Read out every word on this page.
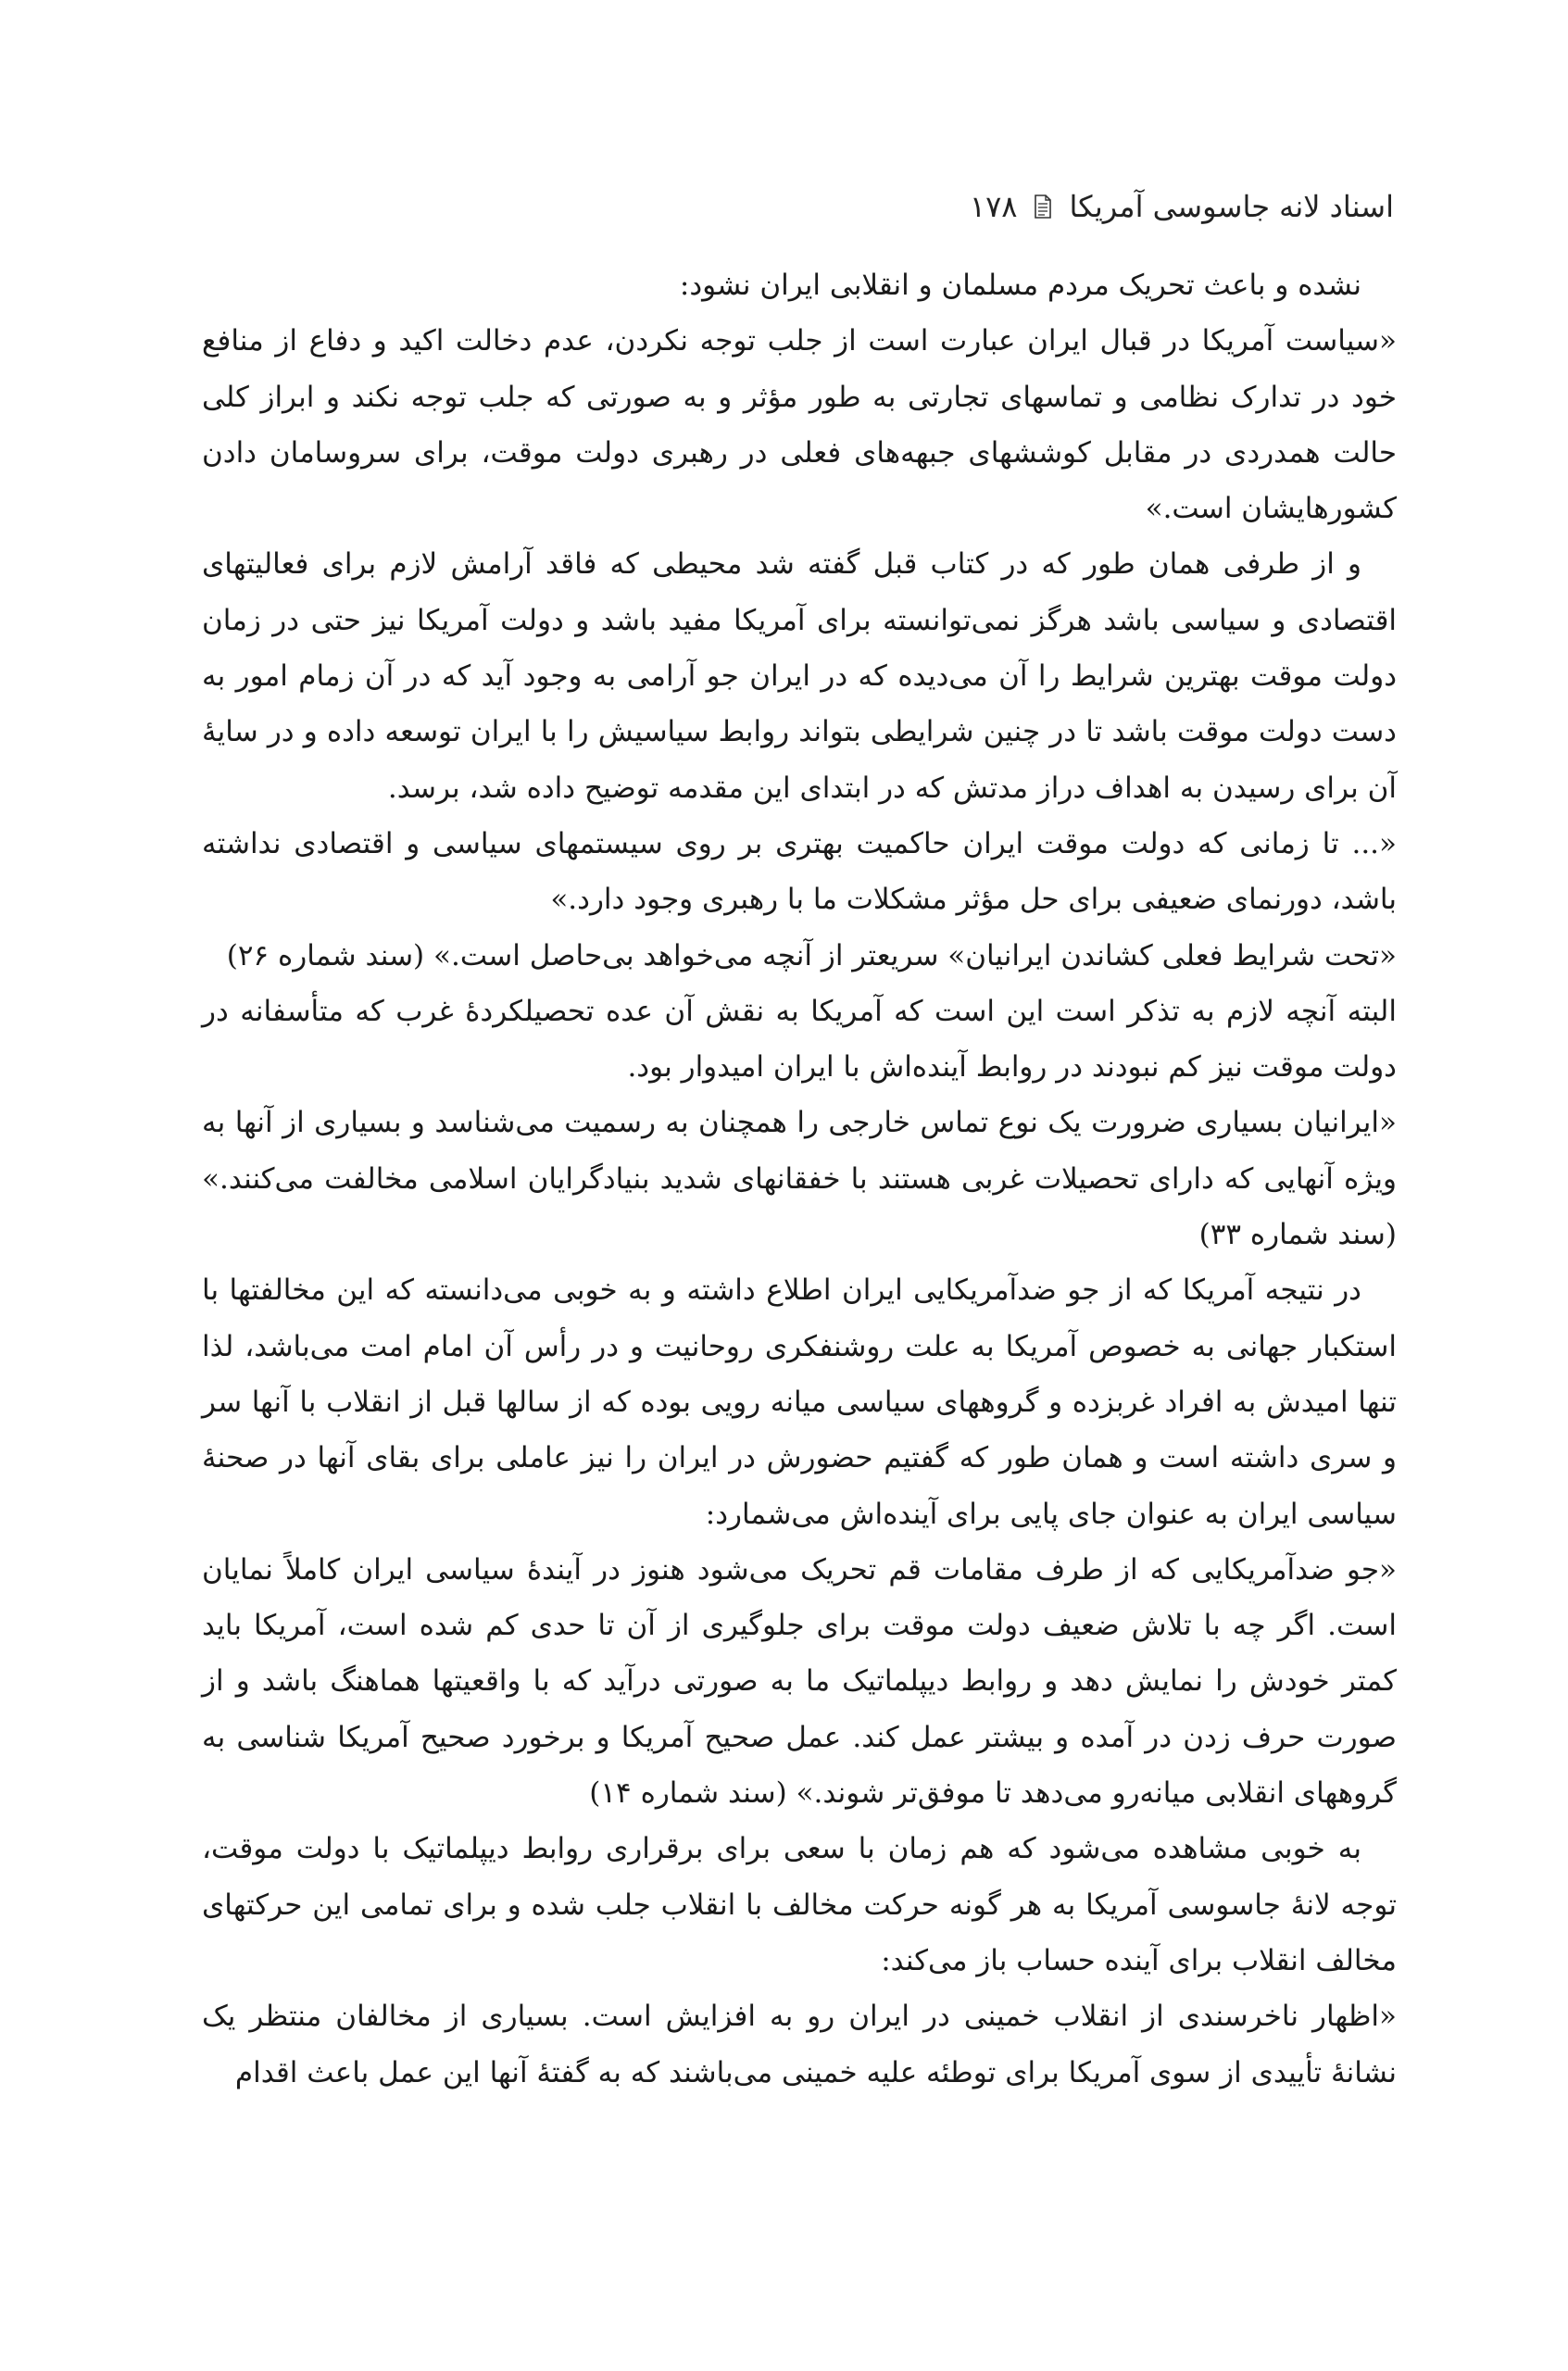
اسناد لانه جاسوسی آمریکا
۱۷۸

نشده و باعث تحریک مردم مسلمان و انقلابی ایران نشود:

«سیاست آمریکا در قبال ایران عبارت است از جلب توجه نکردن، عدم دخالت اکید و دفاع از منافع خود در تدارک نظامی و تماسهای تجارتی به طور مؤثر و به صورتی که جلب توجه نکند و ابراز کلی حالت همدردی در مقابل کوششهای جبهه‌های فعلی در رهبری دولت موقت، برای سروسامان دادن کشورهایشان است.»

و از طرفی همان طور که در کتاب قبل گفته شد محیطی که فاقد آرامش لازم برای فعالیتهای اقتصادی و سیاسی باشد هرگز نمی‌توانسته برای آمریکا مفید باشد و دولت آمریکا نیز حتی در زمان دولت موقت بهترین شرایط را آن می‌دیده که در ایران جو آرامی به وجود آید که در آن زمام امور به دست دولت موقت باشد تا در چنین شرایطی بتواند روابط سیاسیش را با ایران توسعه داده و در سایهٔ آن برای رسیدن به اهداف دراز مدتش که در ابتدای این مقدمه توضیح داده شد، برسد.

«... تا زمانی که دولت موقت ایران حاکمیت بهتری بر روی سیستمهای سیاسی و اقتصادی نداشته باشد، دورنمای ضعیفی برای حل مؤثر مشکلات ما با رهبری وجود دارد.»

«تحت شرایط فعلی کشاندن ایرانیان» سریعتر از آنچه می‌خواهد بی‌حاصل است.» (سند شماره ۲۶)

البته آنچه لازم به تذکر است این است که آمریکا به نقش آن عده تحصیلکردهٔ غرب که متأسفانه در دولت موقت نیز کم نبودند در روابط آینده‌اش با ایران امیدوار بود.

«ایرانیان بسیاری ضرورت یک نوع تماس خارجی را همچنان به رسمیت می‌شناسد و بسیاری از آنها به ویژه آنهایی که دارای تحصیلات غربی هستند با خفقانهای شدید بنیادگرایان اسلامی مخالفت می‌کنند.» (سند شماره ۳۳)

در نتیجه آمریکا که از جو ضدآمریکایی ایران اطلاع داشته و به خوبی می‌دانسته که این مخالفتها با استکبار جهانی به خصوص آمریکا به علت روشنفکری روحانیت و در رأس آن امام امت می‌باشد، لذا تنها امیدش به افراد غربزده و گروههای سیاسی میانه رویی بوده که از سالها قبل از انقلاب با آنها سر و سری داشته است و همان طور که گفتیم حضورش در ایران را نیز عاملی برای بقای آنها در صحنهٔ سیاسی ایران به عنوان جای پایی برای آینده‌اش می‌شمارد:

«جو ضدآمریکایی که از طرف مقامات قم تحریک می‌شود هنوز در آیندهٔ سیاسی ایران کاملاً نمایان است. اگر چه با تلاش ضعیف دولت موقت برای جلوگیری از آن تا حدی کم شده است، آمریکا باید کمتر خودش را نمایش دهد و روابط دیپلماتیک ما به صورتی درآید که با واقعیتها هماهنگ باشد و از صورت حرف زدن در آمده و بیشتر عمل کند. عمل صحیح آمریکا و برخورد صحیح آمریکا شناسی به گروههای انقلابی میانه‌رو می‌دهد تا موفق‌تر شوند.» (سند شماره ۱۴)

به خوبی مشاهده می‌شود که هم زمان با سعی برای برقراری روابط دیپلماتیک با دولت موقت، توجه لانهٔ جاسوسی آمریکا به هر گونه حرکت مخالف با انقلاب جلب شده و برای تمامی این حرکتهای مخالف انقلاب برای آینده حساب باز می‌کند:

«اظهار ناخرسندی از انقلاب خمینی در ایران رو به افزایش است. بسیاری از مخالفان منتظر یک نشانهٔ تأییدی از سوی آمریکا برای توطئه علیه خمینی می‌باشند که به گفتهٔ آنها این عمل باعث اقدام
